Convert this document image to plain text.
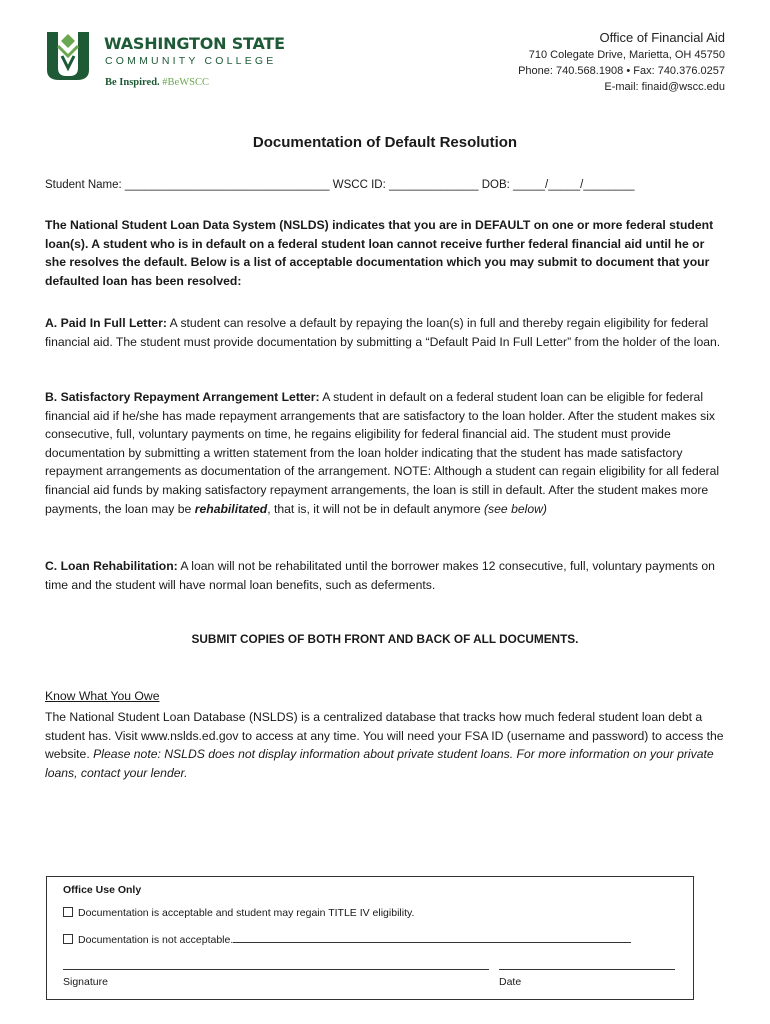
WASHINGTON STATE
COMMUNITY COLLEGE
Be Inspired. #BeWSCC
Office of Financial Aid
710 Colegate Drive, Marietta, OH 45750
Phone: 740.568.1908 • Fax: 740.376.0257
E-mail: finaid@wscc.edu
Documentation of Default Resolution
Student Name: ________________________________ WSCC ID: ______________ DOB: _____/_____/________
The National Student Loan Data System (NSLDS) indicates that you are in DEFAULT on one or more federal student loan(s). A student who is in default on a federal student loan cannot receive further federal financial aid until he or she resolves the default. Below is a list of acceptable documentation which you may submit to document that your defaulted loan has been resolved:
A. Paid In Full Letter: A student can resolve a default by repaying the loan(s) in full and thereby regain eligibility for federal financial aid. The student must provide documentation by submitting a “Default Paid In Full Letter” from the holder of the loan.
B. Satisfactory Repayment Arrangement Letter: A student in default on a federal student loan can be eligible for federal financial aid if he/she has made repayment arrangements that are satisfactory to the loan holder. After the student makes six consecutive, full, voluntary payments on time, he regains eligibility for federal financial aid. The student must provide documentation by submitting a written statement from the loan holder indicating that the student has made satisfactory repayment arrangements as documentation of the arrangement. NOTE: Although a student can regain eligibility for all federal financial aid funds by making satisfactory repayment arrangements, the loan is still in default. After the student makes more payments, the loan may be rehabilitated, that is, it will not be in default anymore (see below)
C. Loan Rehabilitation: A loan will not be rehabilitated until the borrower makes 12 consecutive, full, voluntary payments on time and the student will have normal loan benefits, such as deferments.
SUBMIT COPIES OF BOTH FRONT AND BACK OF ALL DOCUMENTS.
Know What You Owe
The National Student Loan Database (NSLDS) is a centralized database that tracks how much federal student loan debt a student has. Visit www.nslds.ed.gov to access at any time. You will need your FSA ID (username and password) to access the website. Please note: NSLDS does not display information about private student loans. For more information on your private loans, contact your lender.
Office Use Only
Documentation is acceptable and student may regain TITLE IV eligibility.
Documentation is not acceptable.
Signature	Date
